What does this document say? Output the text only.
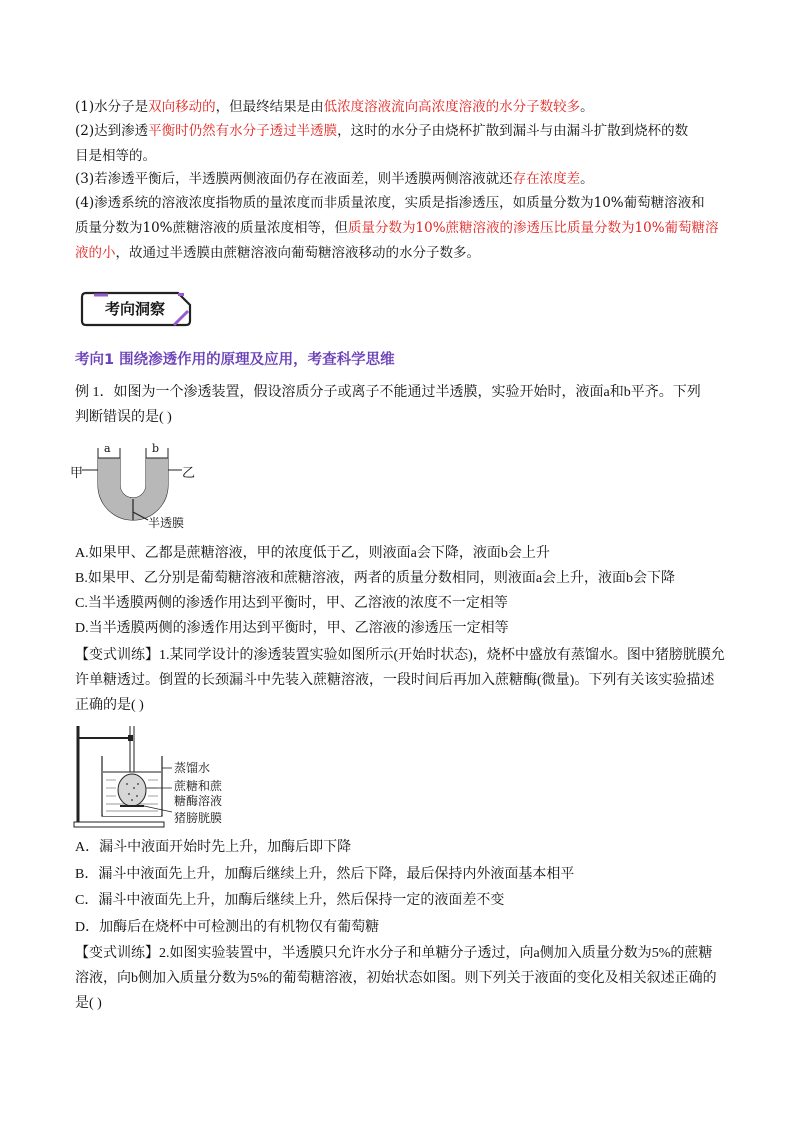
(1)水分子是双向移动的，但最终结果是由低浓度溶液流向高浓度溶液的水分子数较多。
(2)达到渗透平衡时仍然有水分子透过半透膜，这时的水分子由烧杯扩散到漏斗与由漏斗扩散到烧杯的数
目是相等的。
(3)若渗透平衡后，半透膜两侧液面仍存在液面差，则半透膜两侧溶液就还存在浓度差。
(4)渗透系统的溶液浓度指物质的量浓度而非质量浓度，实质是指渗透压，如质量分数为10%葡萄糖溶液和
质量分数为10%蔗糖溶液的质量浓度相等，但质量分数为10%蔗糖溶液的渗透压比质量分数为10%葡萄糖溶
液的小，故通过半透膜由蔗糖溶液向葡萄糖溶液移动的水分子数多。
考向洞察
考向1 围绕渗透作用的原理及应用，考查科学思维
例 1．如图为一个渗透装置，假设溶质分子或离子不能通过半透膜，实验开始时，液面a和b平齐。下列
判断错误的是( )
a	b
甲	乙
半透膜
A.如果甲、乙都是蔗糖溶液，甲的浓度低于乙，则液面a会下降，液面b会上升
B.如果甲、乙分别是葡萄糖溶液和蔗糖溶液，两者的质量分数相同，则液面a会上升，液面b会下降
C.当半透膜两侧的渗透作用达到平衡时，甲、乙溶液的浓度不一定相等
D.当半透膜两侧的渗透作用达到平衡时，甲、乙溶液的渗透压一定相等
【变式训练】1.某同学设计的渗透装置实验如图所示(开始时状态)，烧杯中盛放有蒸馏水。图中猪膀胱膜允
许单糖透过。倒置的长颈漏斗中先装入蔗糖溶液，一段时间后再加入蔗糖酶(微量)。下列有关该实验描述
正确的是( )
蒸馏水
蔗糖和蔗
糖酶溶液
猪膀胱膜
A．漏斗中液面开始时先上升，加酶后即下降
B．漏斗中液面先上升，加酶后继续上升，然后下降，最后保持内外液面基本相平
C．漏斗中液面先上升，加酶后继续上升，然后保持一定的液面差不变
D．加酶后在烧杯中可检测出的有机物仅有葡萄糖
【变式训练】2.如图实验装置中，半透膜只允许水分子和单糖分子透过，向a侧加入质量分数为5%的蔗糖
溶液，向b侧加入质量分数为5%的葡萄糖溶液，初始状态如图。则下列关于液面的变化及相关叙述正确的
是( )
